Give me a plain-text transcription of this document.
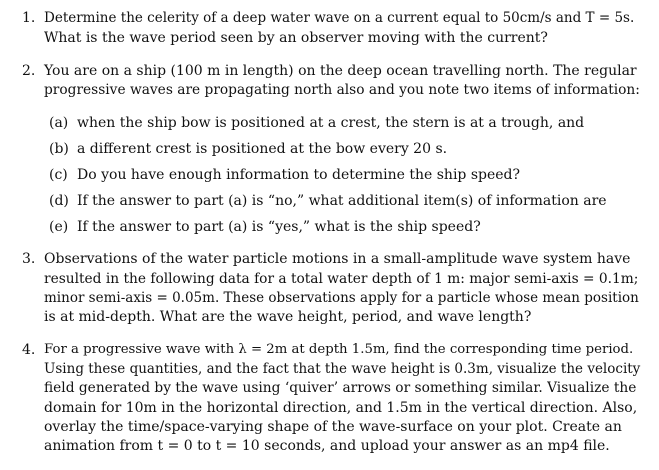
1. Determine the celerity of a deep water wave on a current equal to 50cm/s and T = 5s.
What is the wave period seen by an observer moving with the current?
2. You are on a ship (100 m in length) on the deep ocean travelling north. The regular
progressive waves are propagating north also and you note two items of information:
(a) when the ship bow is positioned at a crest, the stern is at a trough, and
(b) a different crest is positioned at the bow every 20 s.
(c) Do you have enough information to determine the ship speed?
(d) If the answer to part (a) is “no,” what additional item(s) of information are
(e) If the answer to part (a) is “yes,” what is the ship speed?
3. Observations of the water particle motions in a small-amplitude wave system have
resulted in the following data for a total water depth of 1 m: major semi-axis = 0.1m;
minor semi-axis = 0.05m. These observations apply for a particle whose mean position
is at mid-depth. What are the wave height, period, and wave length?
4. For a progressive wave with λ = 2m at depth 1.5m, find the corresponding time period.
Using these quantities, and the fact that the wave height is 0.3m, visualize the velocity
field generated by the wave using ‘quiver’ arrows or something similar. Visualize the
domain for 10m in the horizontal direction, and 1.5m in the vertical direction. Also,
overlay the time/space-varying shape of the wave-surface on your plot. Create an
animation from t = 0 to t = 10 seconds, and upload your answer as an mp4 file.
